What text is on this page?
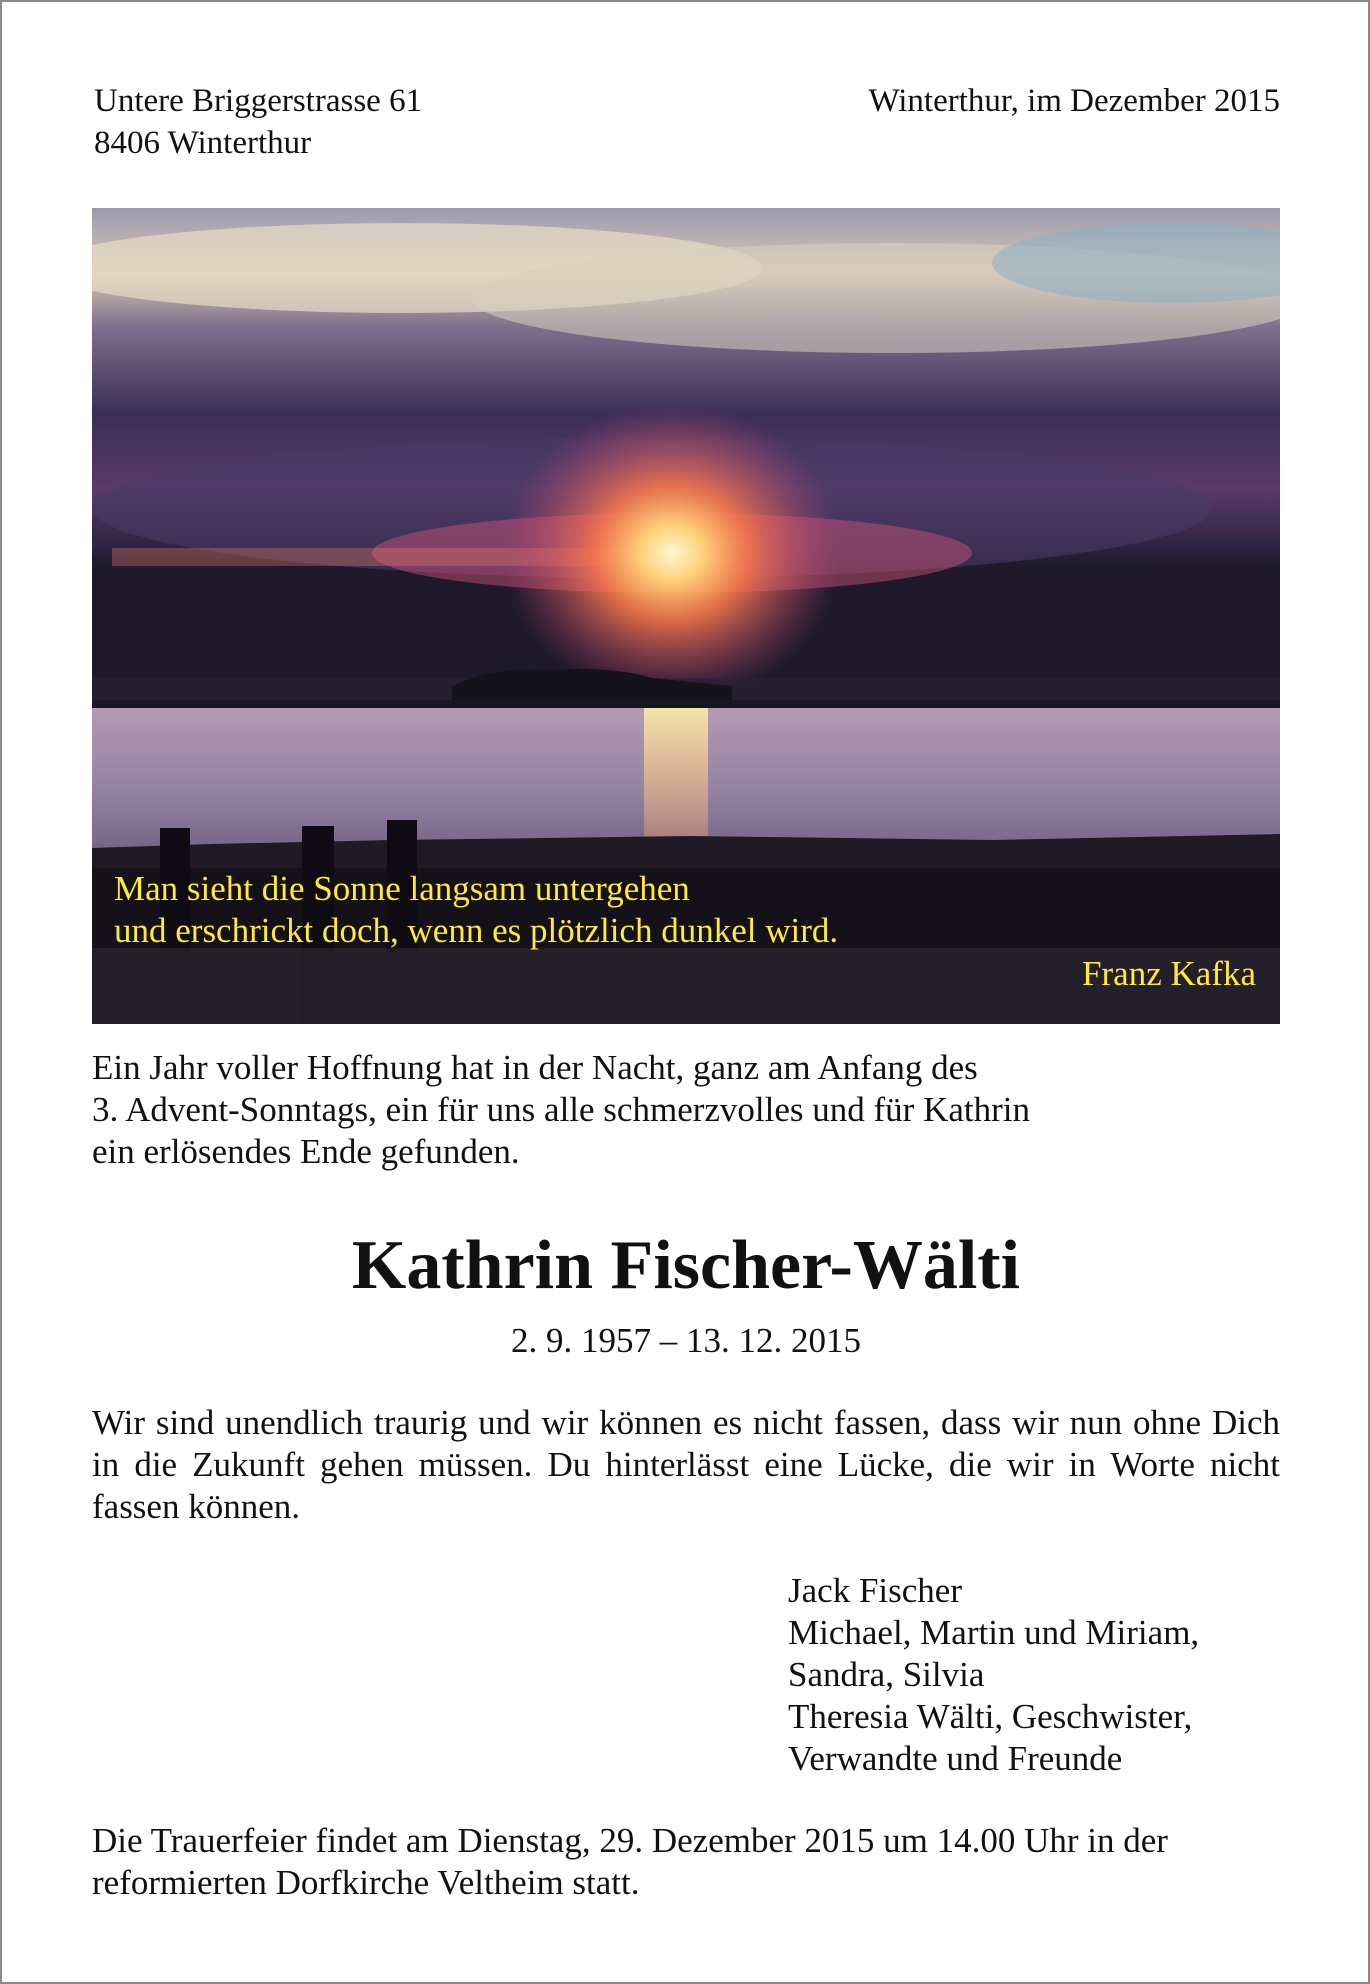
Untere Briggerstrasse 61
8406 Winterthur
Winterthur, im Dezember 2015
Man sieht die Sonne langsam untergehen
und erschrickt doch, wenn es plötzlich dunkel wird.
Franz Kafka
Ein Jahr voller Hoffnung hat in der Nacht, ganz am Anfang des
3. Advent-Sonntags, ein für uns alle schmerzvolles und für Kathrin
ein erlösendes Ende gefunden.
Kathrin Fischer-Wälti
2. 9. 1957 – 13. 12. 2015
Wir sind unendlich traurig und wir können es nicht fassen, dass wir nun ohne Dich in die Zukunft gehen müssen. Du hinterlässt eine Lücke, die wir in Worte nicht fassen können.
Jack Fischer
Michael, Martin und Miriam,
Sandra, Silvia
Theresia Wälti, Geschwister,
Verwandte und Freunde
Die Trauerfeier findet am Dienstag, 29. Dezember 2015 um 14.00 Uhr in der
reformierten Dorfkirche Veltheim statt.
